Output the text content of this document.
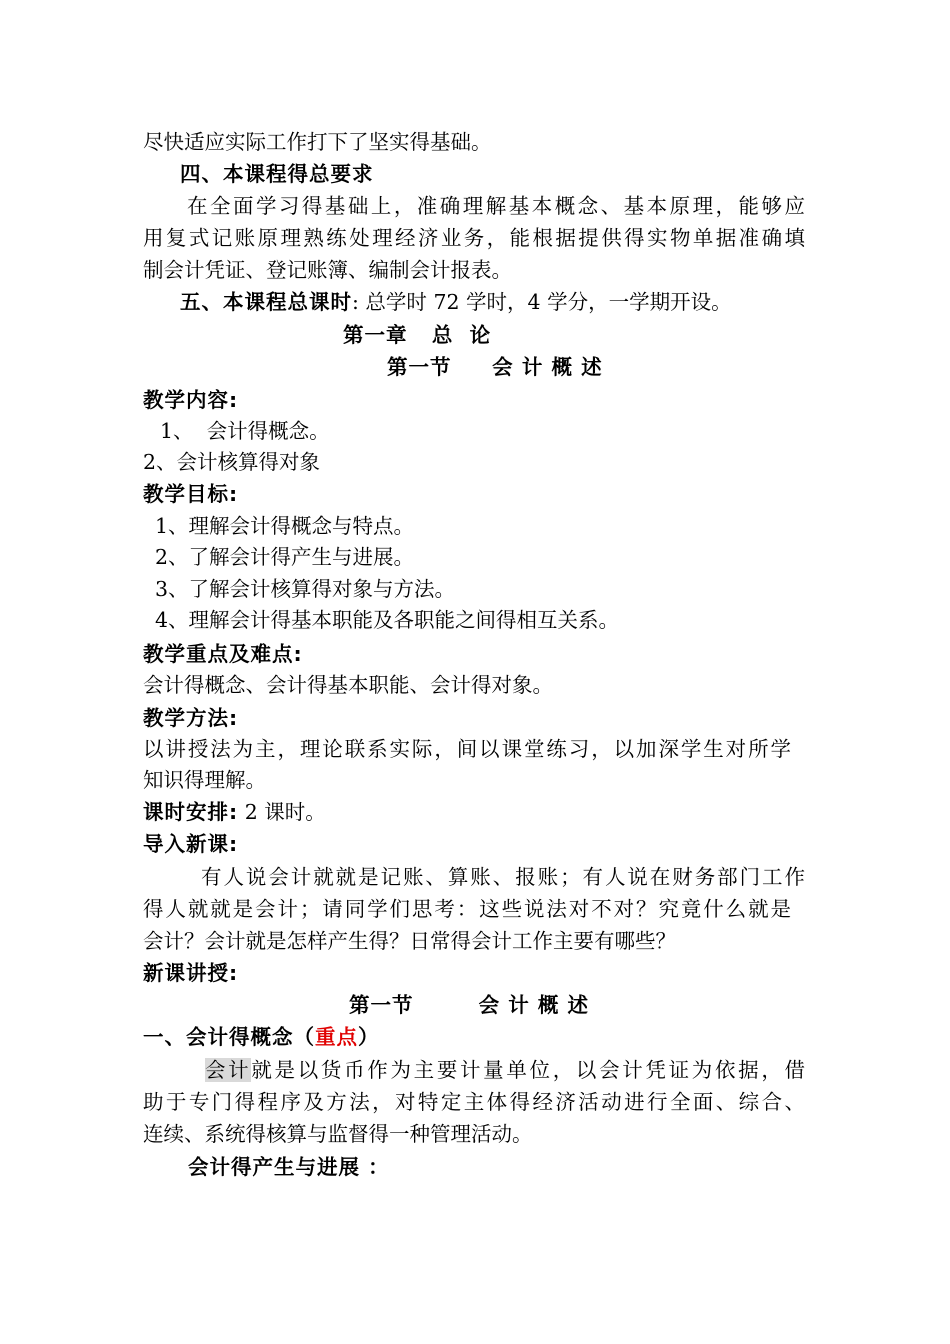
尽快适应实际工作打下了坚实得基础。
四、本课程得总要求
在全面学习得基础上，准确理解基本概念、基本原理，能够应
用复式记账原理熟练处理经济业务，能根据提供得实物单据准确填
制会计凭证、登记账簿、编制会计报表。
五、本课程总课时: 总学时 72 学时，4 学分，一学期开设。
第一章   总  论
第一节     会 计 概 述
教学内容:
1、  会计得概念。
2、会计核算得对象
教学目标:
1、理解会计得概念与特点。
2、了解会计得产生与进展。
3、了解会计核算得对象与方法。
4、理解会计得基本职能及各职能之间得相互关系。
教学重点及难点:
会计得概念、会计得基本职能、会计得对象。
教学方法:
以讲授法为主，理论联系实际，间以课堂练习，以加深学生对所学
知识得理解。
课时安排: 2 课时。
导入新课:
有人说会计就就是记账、算账、报账；有人说在财务部门工作
得人就就是会计；请同学们思考：这些说法对不对？究竟什么就是
会计？会计就是怎样产生得？日常得会计工作主要有哪些？
新课讲授:
第一节        会 计 概 述
一、会计得概念（重点）
会计就是以货币作为主要计量单位，以会计凭证为依据，借
助于专门得程序及方法，对特定主体得经济活动进行全面、综合、
连续、系统得核算与监督得一种管理活动。
会计得产生与进展 ：
